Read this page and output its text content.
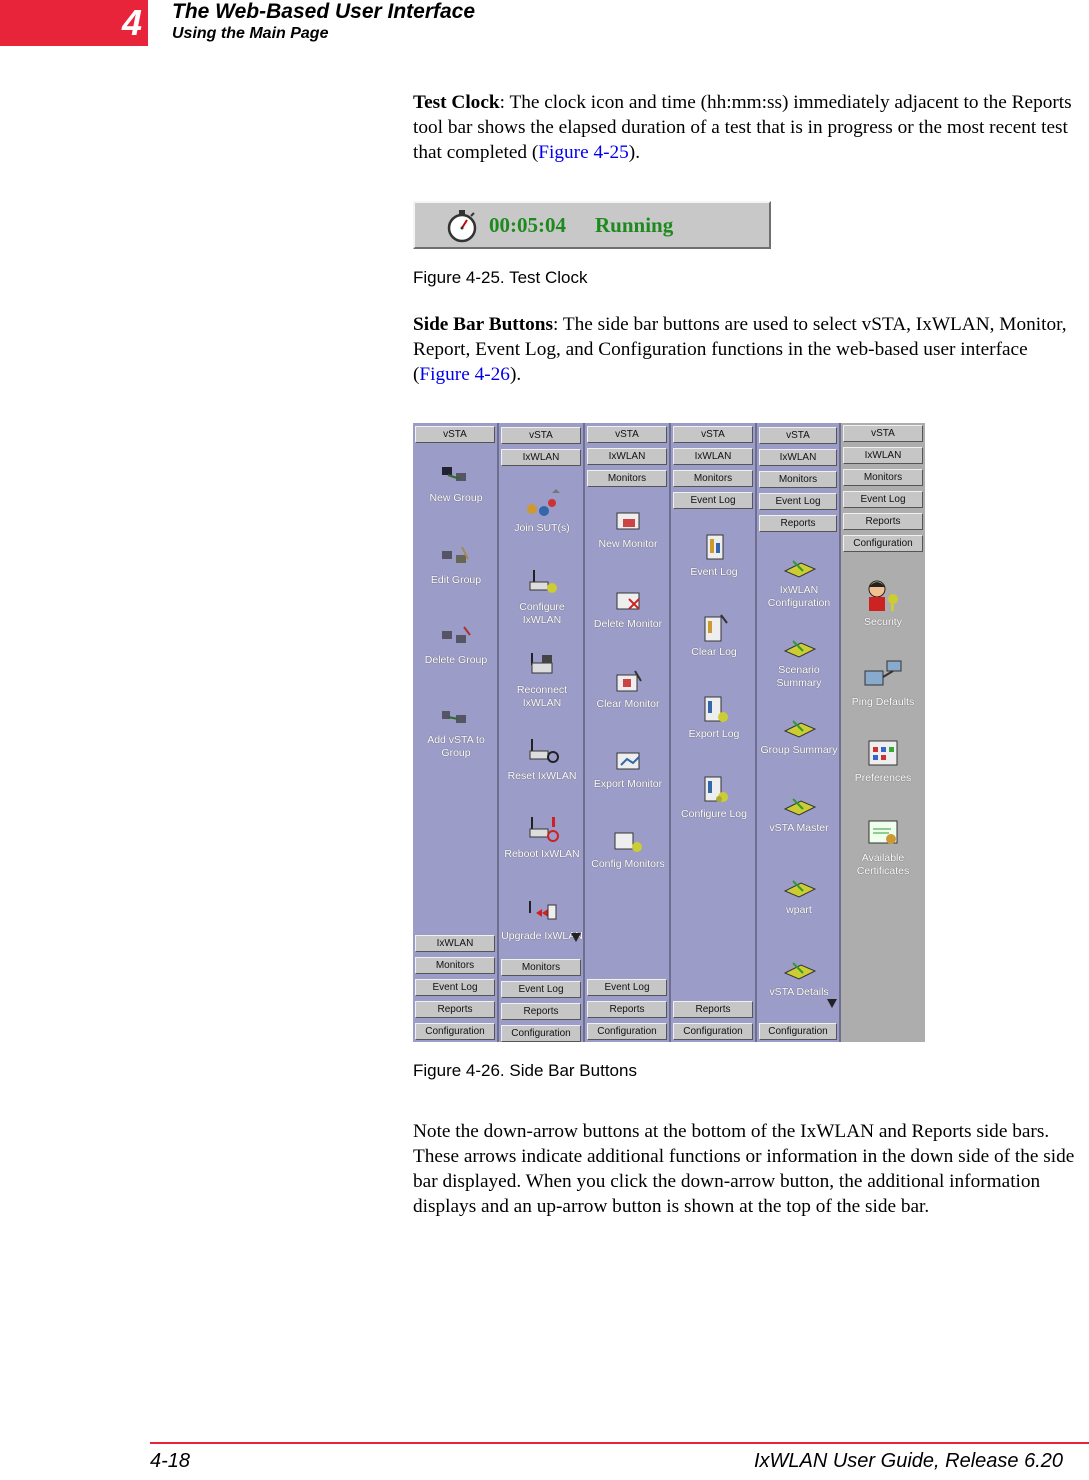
4 The Web-Based User Interface
Using the Main Page
Test Clock: The clock icon and time (hh:mm:ss) immediately adjacent to the Reports tool bar shows the elapsed duration of a test that is in progress or the most recent test that completed (Figure 4-25).
00:05:04 Running
Figure 4-25. Test Clock
Side Bar Buttons: The side bar buttons are used to select vSTA, IxWLAN, Monitor, Report, Event Log, and Configuration functions in the web-based user interface (Figure 4-26).
vSTA
New Group
Edit Group
Delete Group
Add vSTA to Group
IxWLAN
Monitors
Event Log
Reports
Configuration
vSTA
IxWLAN
Join SUT(s)
Configure IxWLAN
Reconnect IxWLAN
Reset IxWLAN
Reboot IxWLAN
Upgrade IxWLAN
Monitors
Event Log
Reports
Configuration
vSTA
IxWLAN
Monitors
New Monitor
Delete Monitor
Clear Monitor
Export Monitor
Config Monitors
Event Log
Reports
Configuration
vSTA
IxWLAN
Monitors
Event Log
Event Log
Clear Log
Export Log
Configure Log
Reports
Configuration
vSTA
IxWLAN
Monitors
Event Log
Reports
IxWLAN Configuration
Scenario Summary
Group Summary
vSTA Master
wpart
vSTA Details
Configuration
vSTA
IxWLAN
Monitors
Event Log
Reports
Configuration
Security
Ping Defaults
Preferences
Available Certificates
Figure 4-26. Side Bar Buttons
Note the down-arrow buttons at the bottom of the IxWLAN and Reports side bars. These arrows indicate additional functions or information in the down side of the side bar displayed. When you click the down-arrow button, the additional information displays and an up-arrow button is shown at the top of the side bar.
4-18	IxWLAN User Guide, Release 6.20
